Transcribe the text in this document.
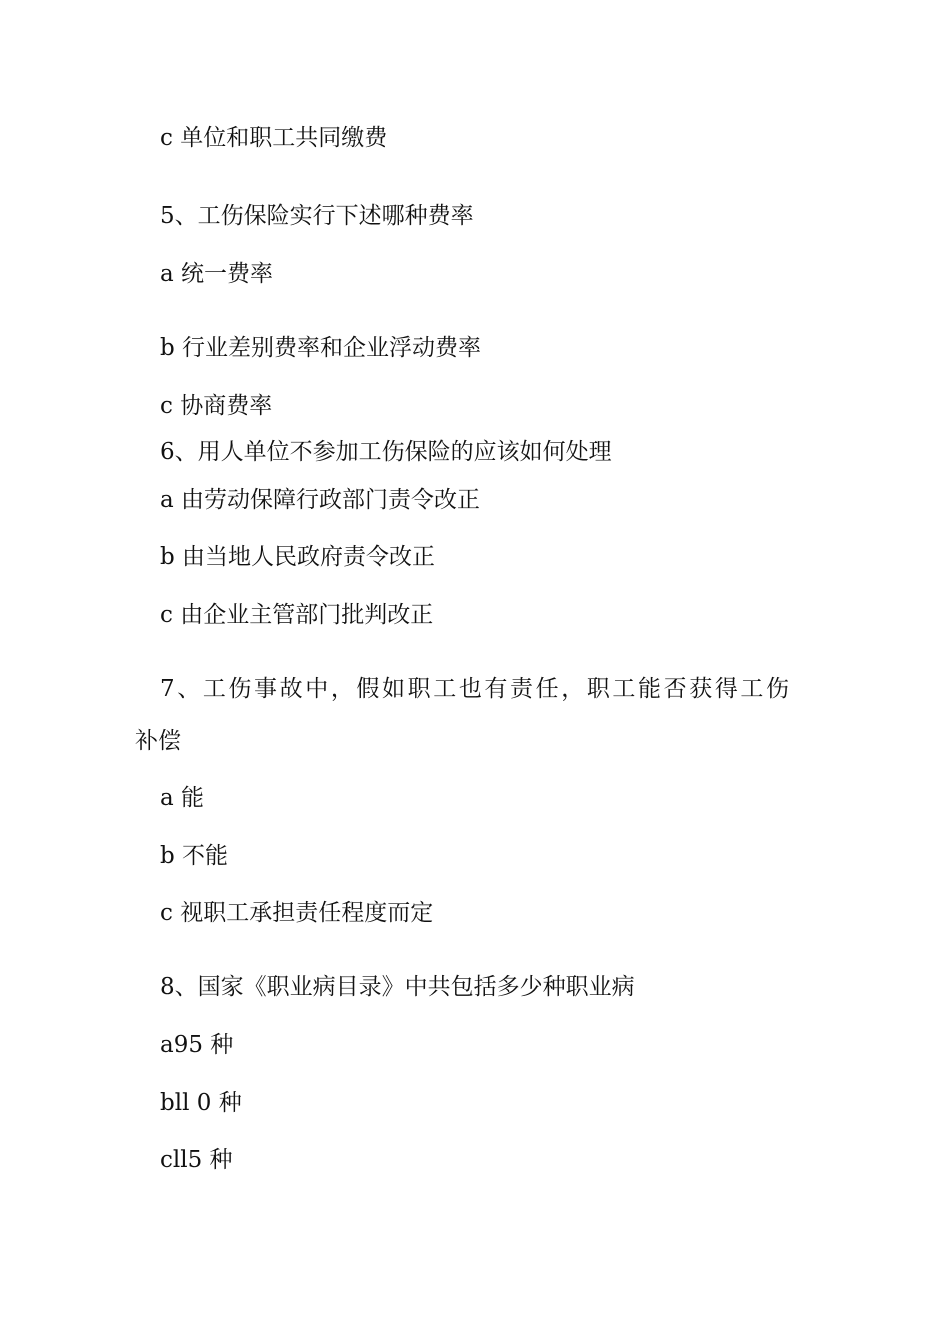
c 单位和职工共同缴费

5、工伤保险实行下述哪种费率

a 统一费率

b 行业差别费率和企业浮动费率

c 协商费率

6、用人单位不参加工伤保险的应该如何处理

a 由劳动保障行政部门责令改正

b 由当地人民政府责令改正

c 由企业主管部门批判改正

7、工伤事故中，假如职工也有责任，职工能否获得工伤

补偿

a 能

b 不能

c 视职工承担责任程度而定

8、国家《职业病目录》中共包括多少种职业病

a95 种

bll 0 种

cll5 种
